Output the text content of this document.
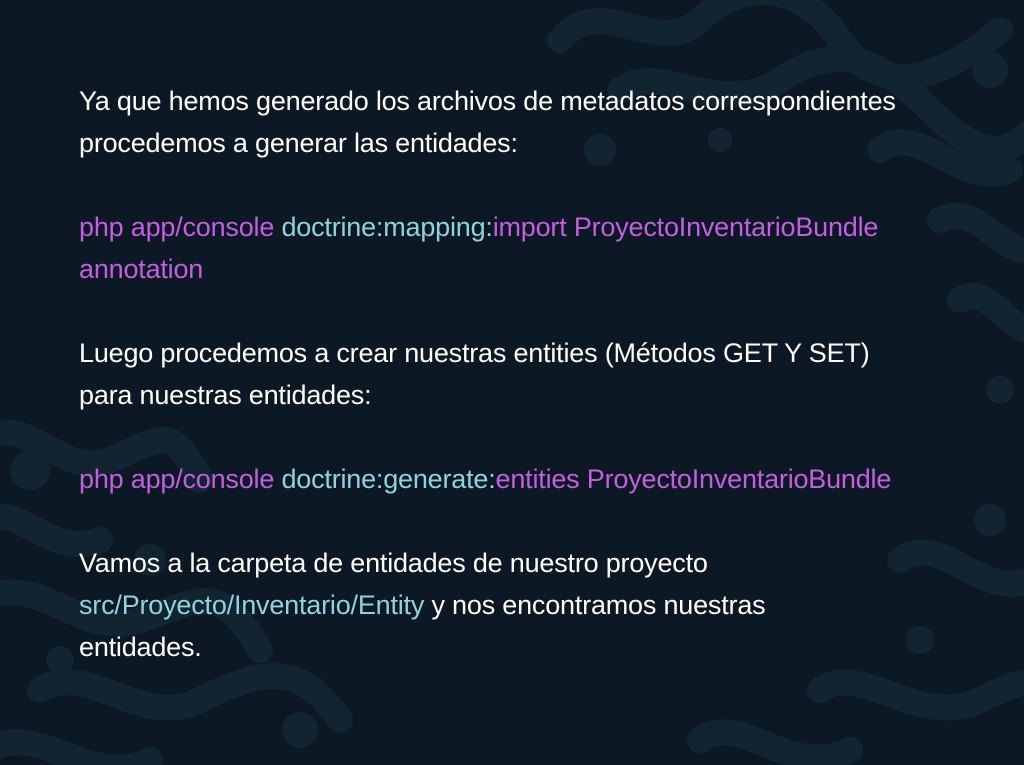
Ya que hemos generado los archivos de metadatos correspondientes
procedemos a generar las entidades:

php app/console doctrine:mapping:import ProyectoInventarioBundle
annotation

Luego procedemos a crear nuestras entities (Métodos GET Y SET)
para nuestras entidades:

php app/console doctrine:generate:entities ProyectoInventarioBundle

Vamos a la carpeta de entidades de nuestro proyecto
src/Proyecto/Inventario/Entity y nos encontramos nuestras
entidades.
